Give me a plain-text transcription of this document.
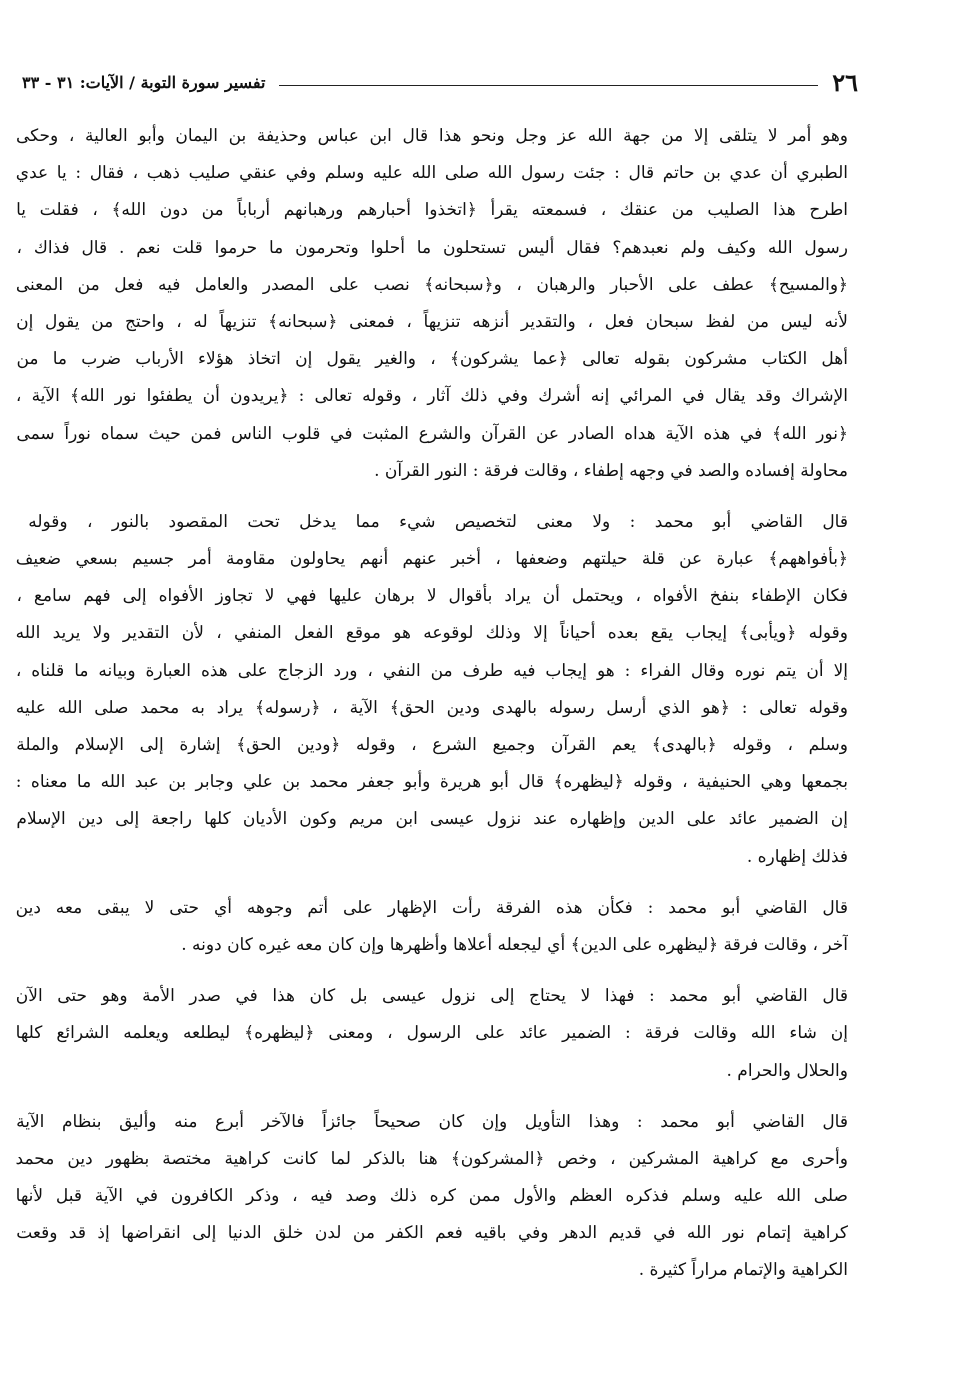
٢٦
تفسير سورة التوبة / الآيات: ٣١ - ٣٣
وهو أمر لا يتلقى إلا من جهة الله عز وجل ونحو هذا قال ابن عباس وحذيفة بن اليمان وأبو العالية ، وحكى
الطبري أن عدي بن حاتم قال : جئت رسول الله صلى الله عليه وسلم وفي عنقي صليب ذهب ، فقال : يا عدي
اطرح هذا الصليب من عنقك ، فسمعته يقرأ ﴿اتخذوا أحبارهم ورهبانهم أرباباً من دون الله﴾ ، فقلت يا
رسول الله وكيف ولم نعبدهم؟ فقال أليس تستحلون ما أحلوا وتحرمون ما حرموا قلت نعم . قال فذاك ،
﴿والمسيح﴾ عطف على الأحبار والرهبان ، و﴿سبحانه﴾ نصب على المصدر والعامل فيه فعل من المعنى
لأنه ليس من لفظ سبحان فعل ، والتقدير أنزهه تنزيهاً ، فمعنى ﴿سبحانه﴾ تنزيهاً له ، واحتج من يقول إن
أهل الكتاب مشركون بقوله تعالى ﴿عما يشركون﴾ ، والغير يقول إن اتخاذ هؤلاء الأرباب ضرب ما من
الإشراك وقد يقال في المرائي إنه أشرك وفي ذلك آثار ، وقوله تعالى : ﴿يريدون أن يطفئوا نور الله﴾ الآية ،
﴿نور الله﴾ في هذه الآية هداه الصادر عن القرآن والشرع المثبت في قلوب الناس فمن حيث سماه نوراً سمى
محاولة إفساده والصد في وجهه إطفاء ، وقالت فرقة : النور القرآن .
قال القاضي أبو محمد : ولا معنى لتخصيص شيء مما يدخل تحت المقصود بالنور ، وقوله
﴿بأفواههم﴾ عبارة عن قلة حيلتهم وضعفها ، أخبر عنهم أنهم يحاولون مقاومة أمر جسيم بسعي ضعيف
فكان الإطفاء بنفخ الأفواه ، ويحتمل أن يراد بأقوال لا برهان عليها فهي لا تجاوز الأفواه إلى فهم سامع ،
وقوله ﴿ويأبى﴾ إيجاب يقع بعده أحياناً إلا وذلك لوقوعه هو موقع الفعل المنفي ، لأن التقدير ولا يريد الله
إلا أن يتم نوره وقال الفراء : هو إيجاب فيه طرف من النفي ، ورد الزجاج على هذه العبارة وبيانه ما قلناه ،
وقوله تعالى : ﴿هو الذي أرسل رسوله بالهدى ودين الحق﴾ الآية ، ﴿رسوله﴾ يراد به محمد صلى الله عليه
وسلم ، وقوله ﴿بالهدى﴾ يعم القرآن وجميع الشرع ، وقوله ﴿ودين الحق﴾ إشارة إلى الإسلام والملة
بجمعها وهي الحنيفية ، وقوله ﴿ليظهره﴾ قال أبو هريرة وأبو جعفر محمد بن علي وجابر بن عبد الله ما معناه :
إن الضمير عائد على الدين وإظهاره عند نزول عيسى ابن مريم وكون الأديان كلها راجعة إلى دين الإسلام
فذلك إظهاره .
قال القاضي أبو محمد : فكأن هذه الفرقة رأت الإظهار على أتم وجوهه أي حتى لا يبقى معه دين
آخر ، وقالت فرقة ﴿ليظهره على الدين﴾ أي ليجعله أعلاها وأظهرها وإن كان معه غيره كان دونه .
قال القاضي أبو محمد : فهذا لا يحتاج إلى نزول عيسى بل كان هذا في صدر الأمة وهو حتى الآن
إن شاء الله وقالت فرقة : الضمير عائد على الرسول ، ومعنى ﴿ليظهره﴾ ليطلعه ويعلمه الشرائع كلها
والحلال والحرام .
قال القاضي أبو محمد : وهذا التأويل وإن كان صحيحاً جائزاً فالآخر أبرع منه وأليق بنظام الآية
وأحرى مع كراهية المشركين ، وخص ﴿المشركون﴾ هنا بالذكر لما كانت كراهية مختصة بظهور دين محمد
صلى الله عليه وسلم فذكره العظم والأول ممن كره ذلك وصد فيه ، وذكر الكافرون في الآية قبل لأنها
كراهية إتمام نور الله في قديم الدهر وفي باقيه فعم الكفر من لدن خلق الدنيا إلى انقراضها إذ قد وقعت
الكراهية والإتمام مراراً كثيرة .
